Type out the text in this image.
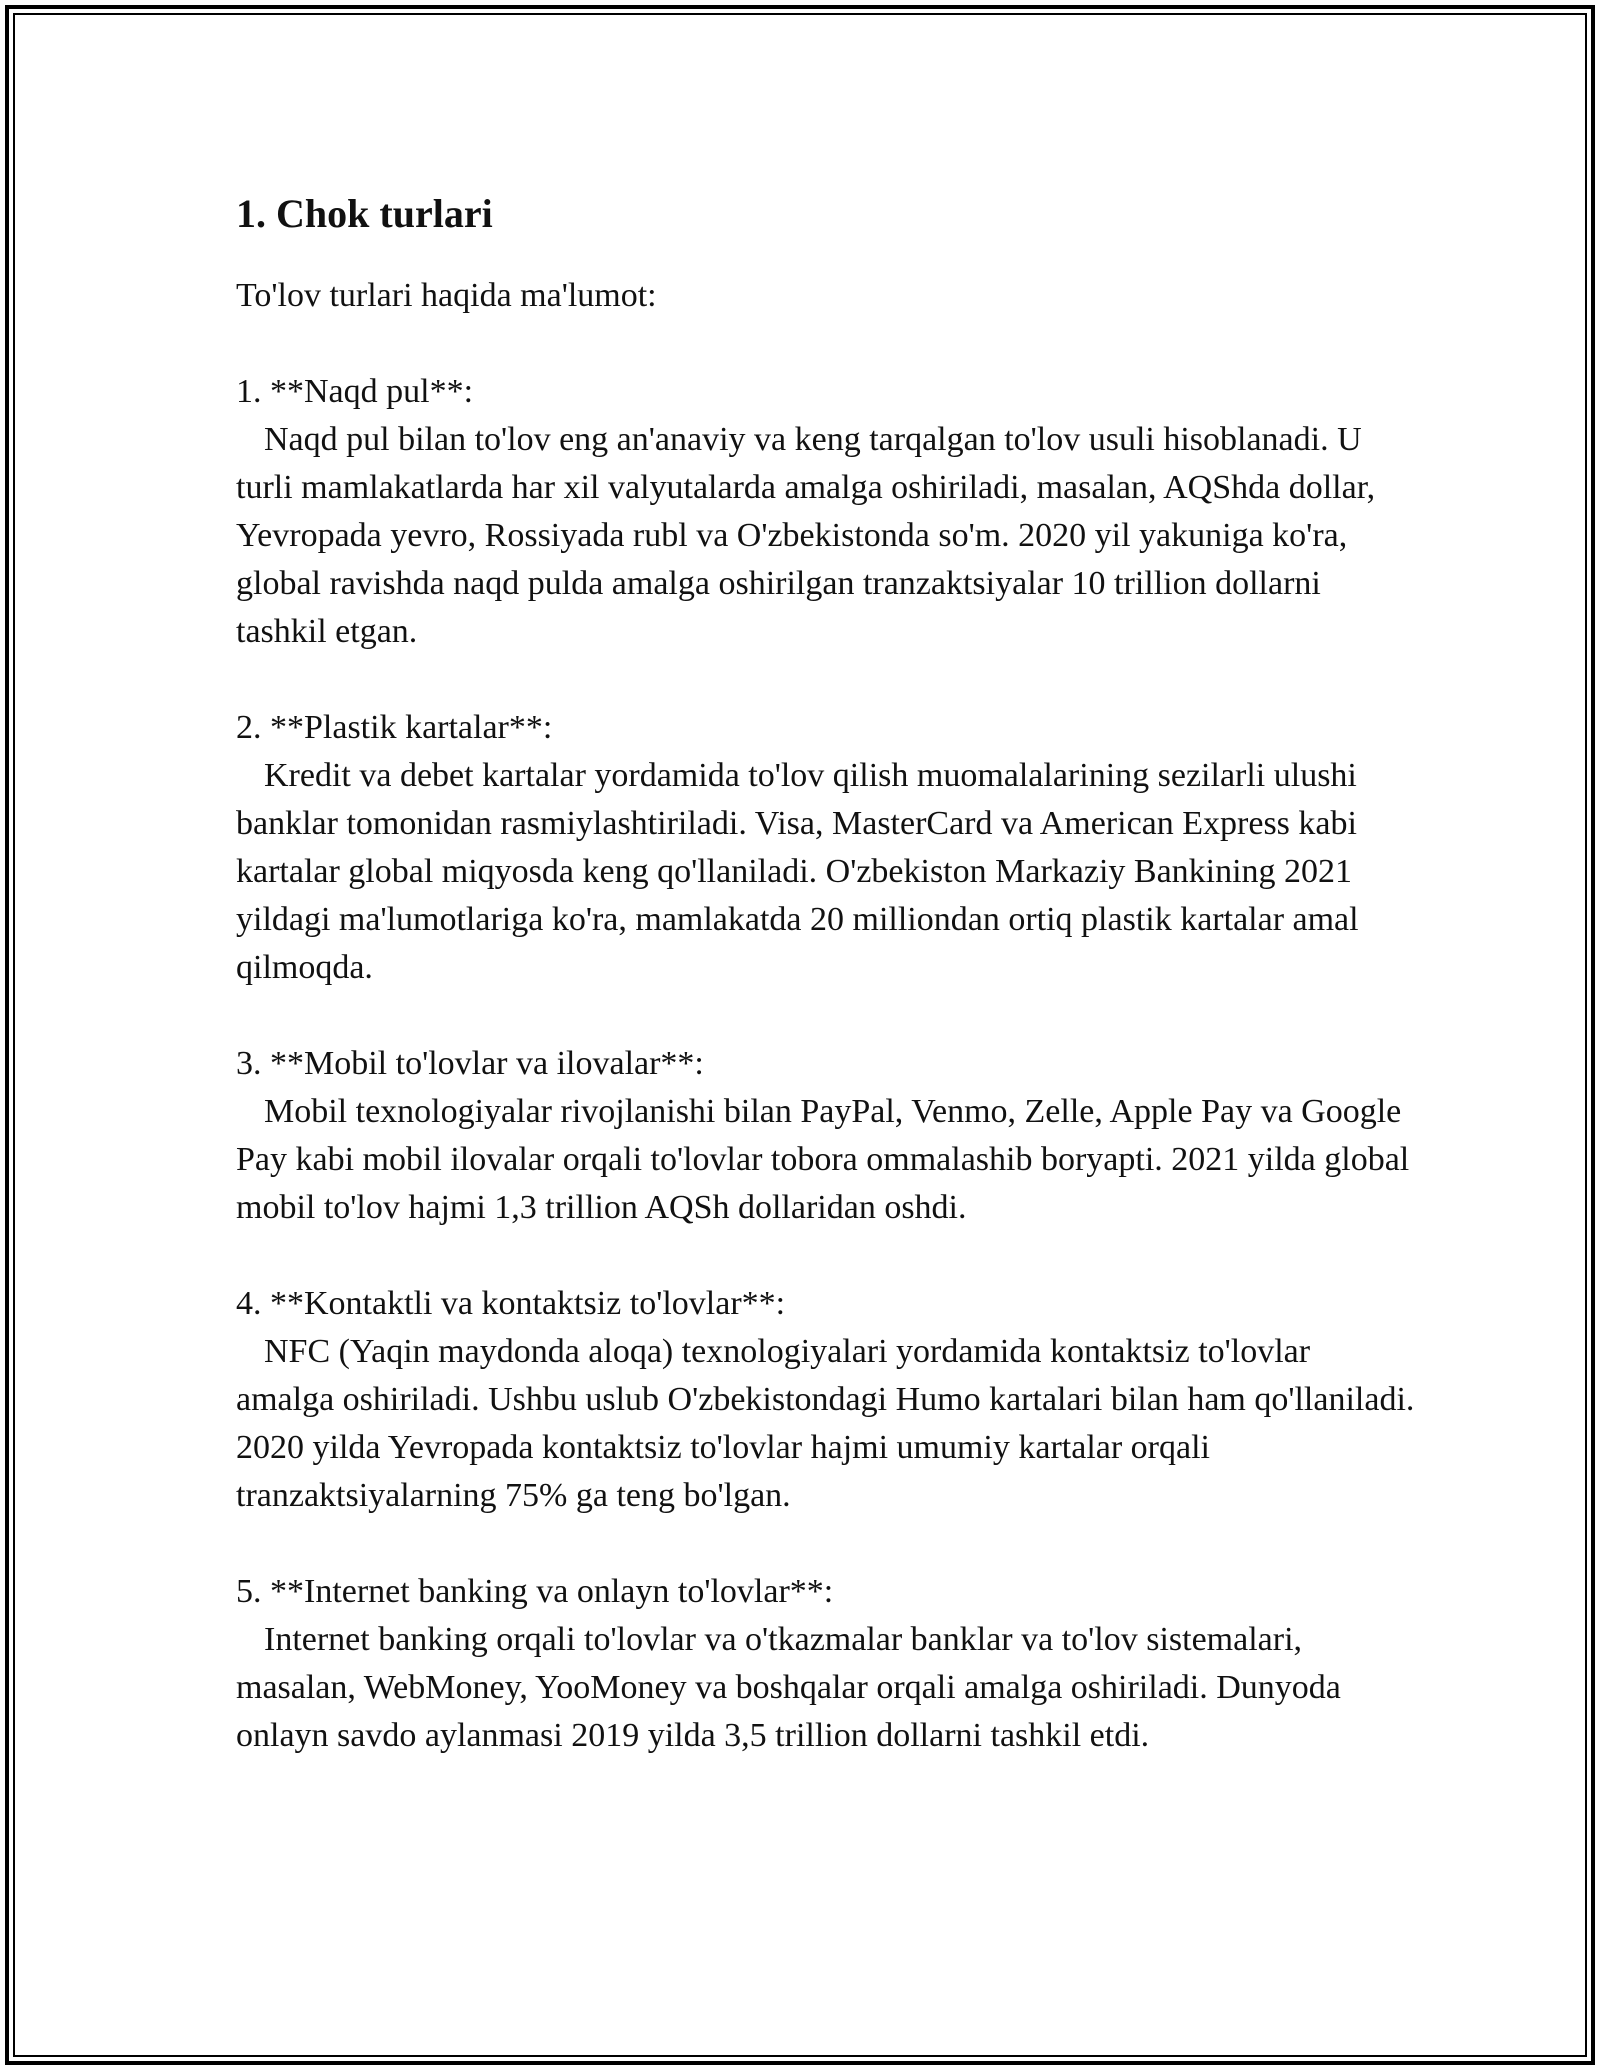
1. Chok turlari

To'lov turlari haqida ma'lumot:

1. **Naqd pul**:
Naqd pul bilan to'lov eng an'anaviy va keng tarqalgan to'lov usuli hisoblanadi. U turli mamlakatlarda har xil valyutalarda amalga oshiriladi, masalan, AQShda dollar, Yevropada yevro, Rossiyada rubl va O'zbekistonda so'm. 2020 yil yakuniga ko'ra, global ravishda naqd pulda amalga oshirilgan tranzaktsiyalar 10 trillion dollarni tashkil etgan.
2. **Plastik kartalar**:
Kredit va debet kartalar yordamida to'lov qilish muomalalarining sezilarli ulushi banklar tomonidan rasmiylashtiriladi. Visa, MasterCard va American Express kabi kartalar global miqyosda keng qo'llaniladi. O'zbekiston Markaziy Bankining 2021 yildagi ma'lumotlariga ko'ra, mamlakatda 20 milliondan ortiq plastik kartalar amal qilmoqda.
3. **Mobil to'lovlar va ilovalar**:
Mobil texnologiyalar rivojlanishi bilan PayPal, Venmo, Zelle, Apple Pay va Google Pay kabi mobil ilovalar orqali to'lovlar tobora ommalashib boryapti. 2021 yilda global mobil to'lov hajmi 1,3 trillion AQSh dollaridan oshdi.
4. **Kontaktli va kontaktsiz to'lovlar**:
NFC (Yaqin maydonda aloqa) texnologiyalari yordamida kontaktsiz to'lovlar amalga oshiriladi. Ushbu uslub O'zbekistondagi Humo kartalari bilan ham qo'llaniladi. 2020 yilda Yevropada kontaktsiz to'lovlar hajmi umumiy kartalar orqali tranzaktsiyalarning 75% ga teng bo'lgan.
5. **Internet banking va onlayn to'lovlar**:
Internet banking orqali to'lovlar va o'tkazmalar banklar va to'lov sistemalari, masalan, WebMoney, YooMoney va boshqalar orqali amalga oshiriladi. Dunyoda onlayn savdo aylanmasi 2019 yilda 3,5 trillion dollarni tashkil etdi.
